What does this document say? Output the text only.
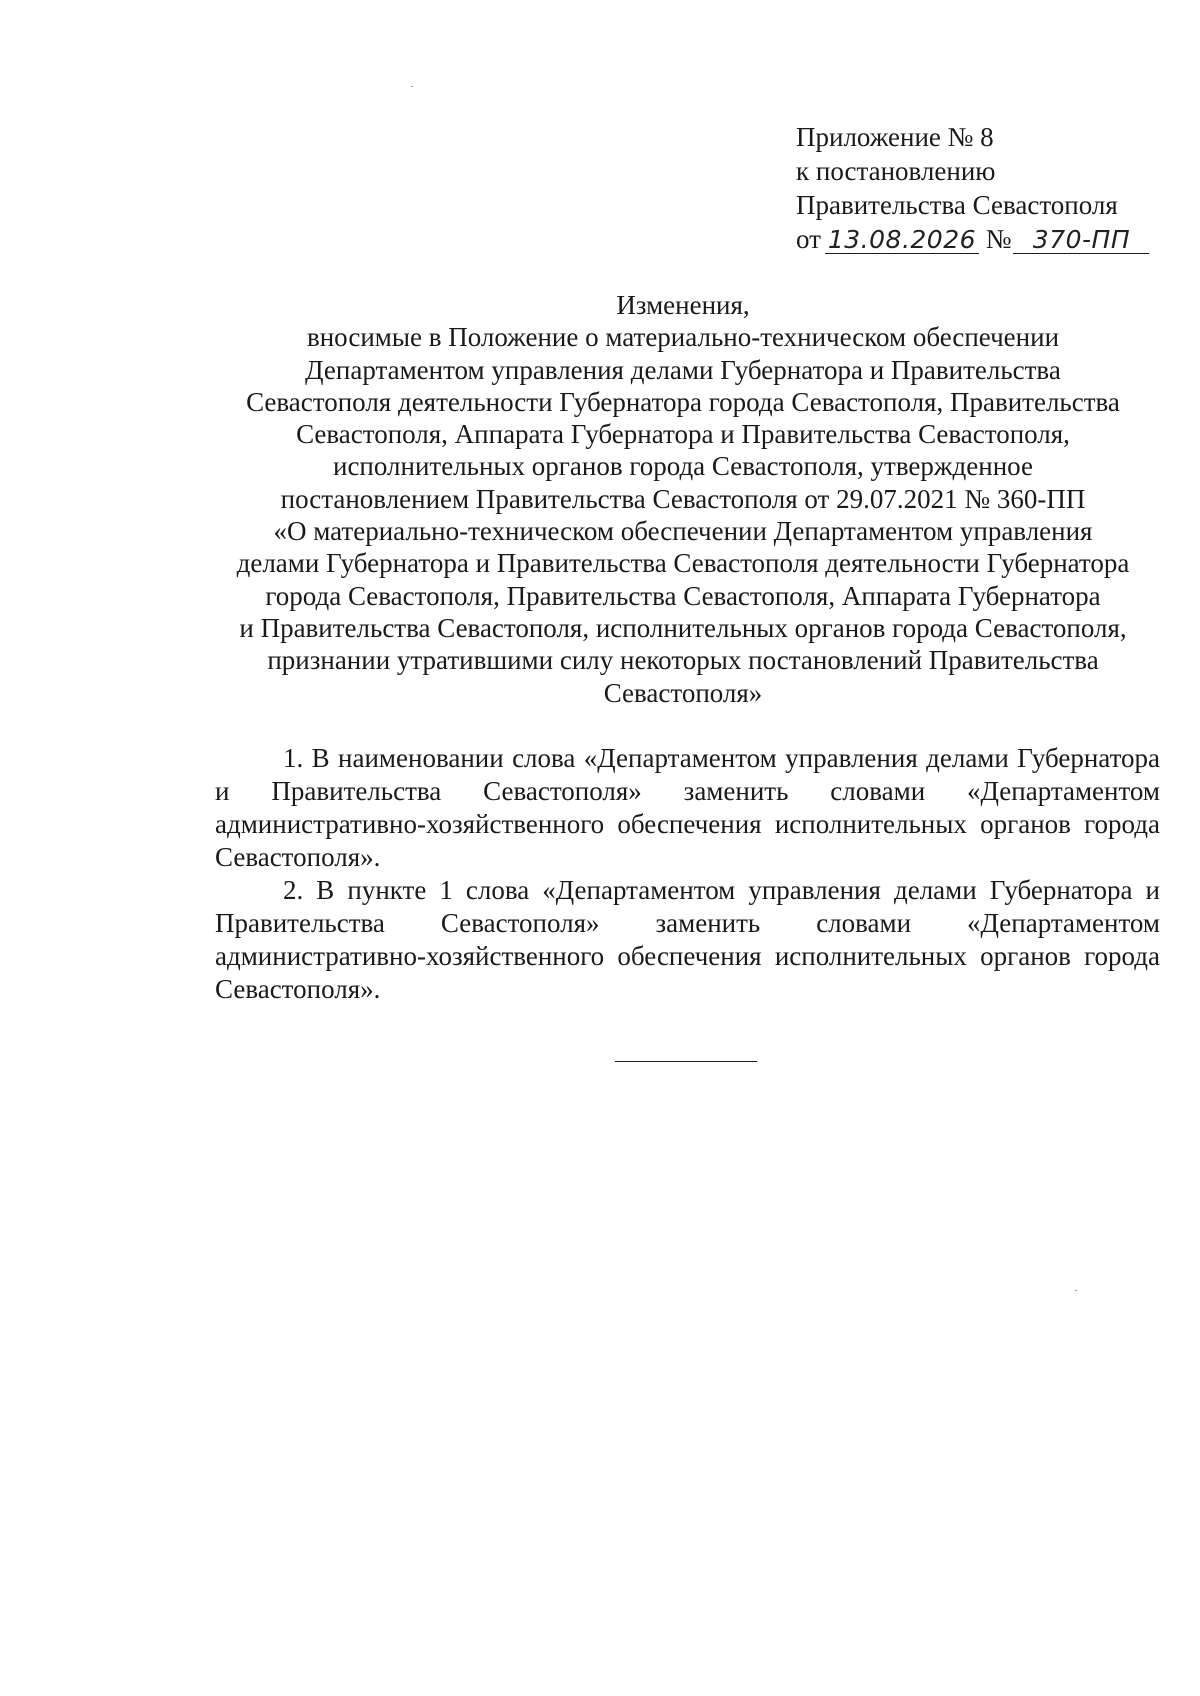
Приложение № 8
к постановлению
Правительства Севастополя
от 13.08.2026 № 370-ПП
Изменения,
вносимые в Положение о материально-техническом обеспечении
Департаментом управления делами Губернатора и Правительства
Севастополя деятельности Губернатора города Севастополя, Правительства
Севастополя, Аппарата Губернатора и Правительства Севастополя,
исполнительных органов города Севастополя, утвержденное
постановлением Правительства Севастополя от 29.07.2021 № 360-ПП
«О материально-техническом обеспечении Департаментом управления
делами Губернатора и Правительства Севастополя деятельности Губернатора
города Севастополя, Правительства Севастополя, Аппарата Губернатора
и Правительства Севастополя, исполнительных органов города Севастополя,
признании утратившими силу некоторых постановлений Правительства
Севастополя»

1. В наименовании слова «Департаментом управления делами Губернатора и Правительства Севастополя» заменить словами «Департаментом административно-хозяйственного обеспечения исполнительных органов города Севастополя».

2. В пункте 1 слова «Департаментом управления делами Губернатора и Правительства Севастополя» заменить словами «Департаментом административно-хозяйственного обеспечения исполнительных органов города Севастополя».
